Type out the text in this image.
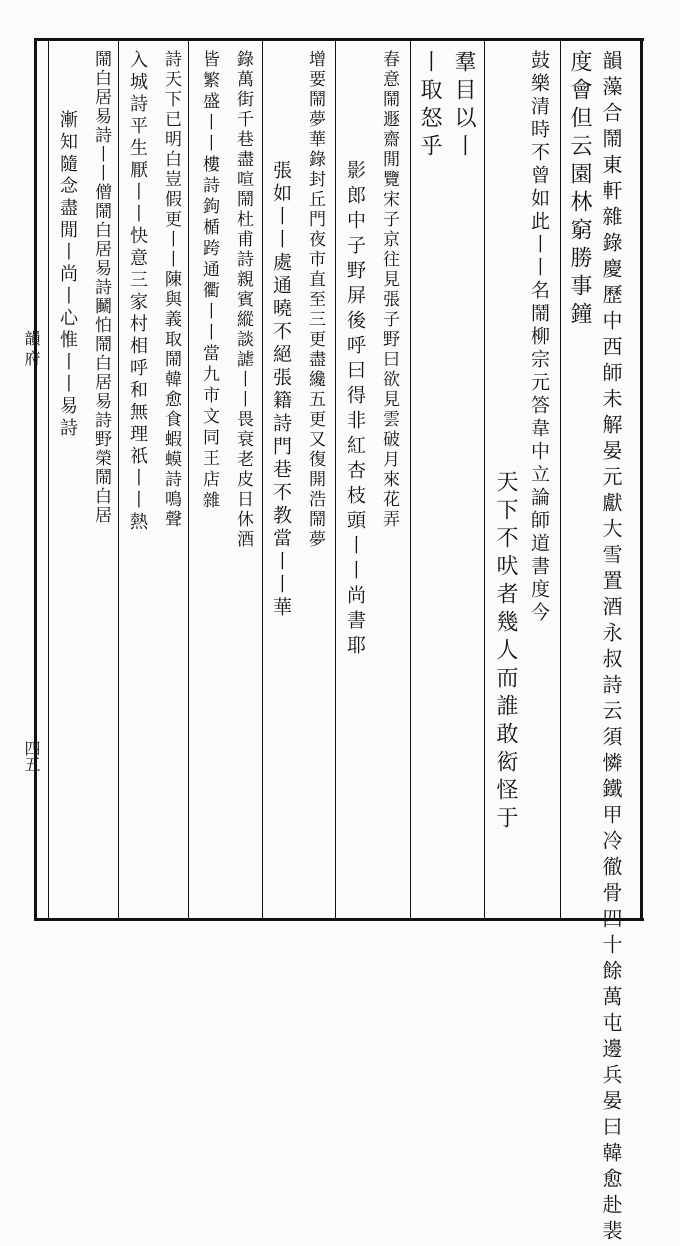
韻府
四五	韻藻合鬧東軒雜錄慶歷中西師未解晏元獻大雪置酒永叔詩云須憐鐵甲冷徹骨四十餘萬屯邊兵晏曰韓愈赴裴
度會但云園林窮勝事鐘
鼓樂清時不曾如此丨丨名鬧柳宗元答韋中立論師道書度今
天下不吠者幾人而誰敢衒怪于
羣目以丨
丨取怒乎
春意鬧遯齋閒覽宋子京往見張子野曰欲見雲破月來花弄
影郎中子野屏後呼曰得非紅杏枝頭丨丨尚書耶
增要鬧夢華錄封丘門夜市直至三更盡纔五更又復開浩鬧夢
張如丨丨處通曉不絕張籍詩門巷不教當丨丨華
錄萬街千巷盡喧鬧杜甫詩親賓縱談謔丨丨畏衰老皮日休酒
皆繁盛丨丨樓詩鉤楯跨通衢丨丨當九市文同王店雜
詩天下已明白豈假更丨丨陳與義取鬧韓愈食蝦蟆詩鳴聲
入城詩平生厭丨丨快意三家村相呼和無理祇丨丨熱
鬧白居易詩丨丨僧鬧白居易詩鬭怕鬧白居易詩野榮鬧白居
漸知隨念盡閒丨尚丨心惟丨丨易詩
